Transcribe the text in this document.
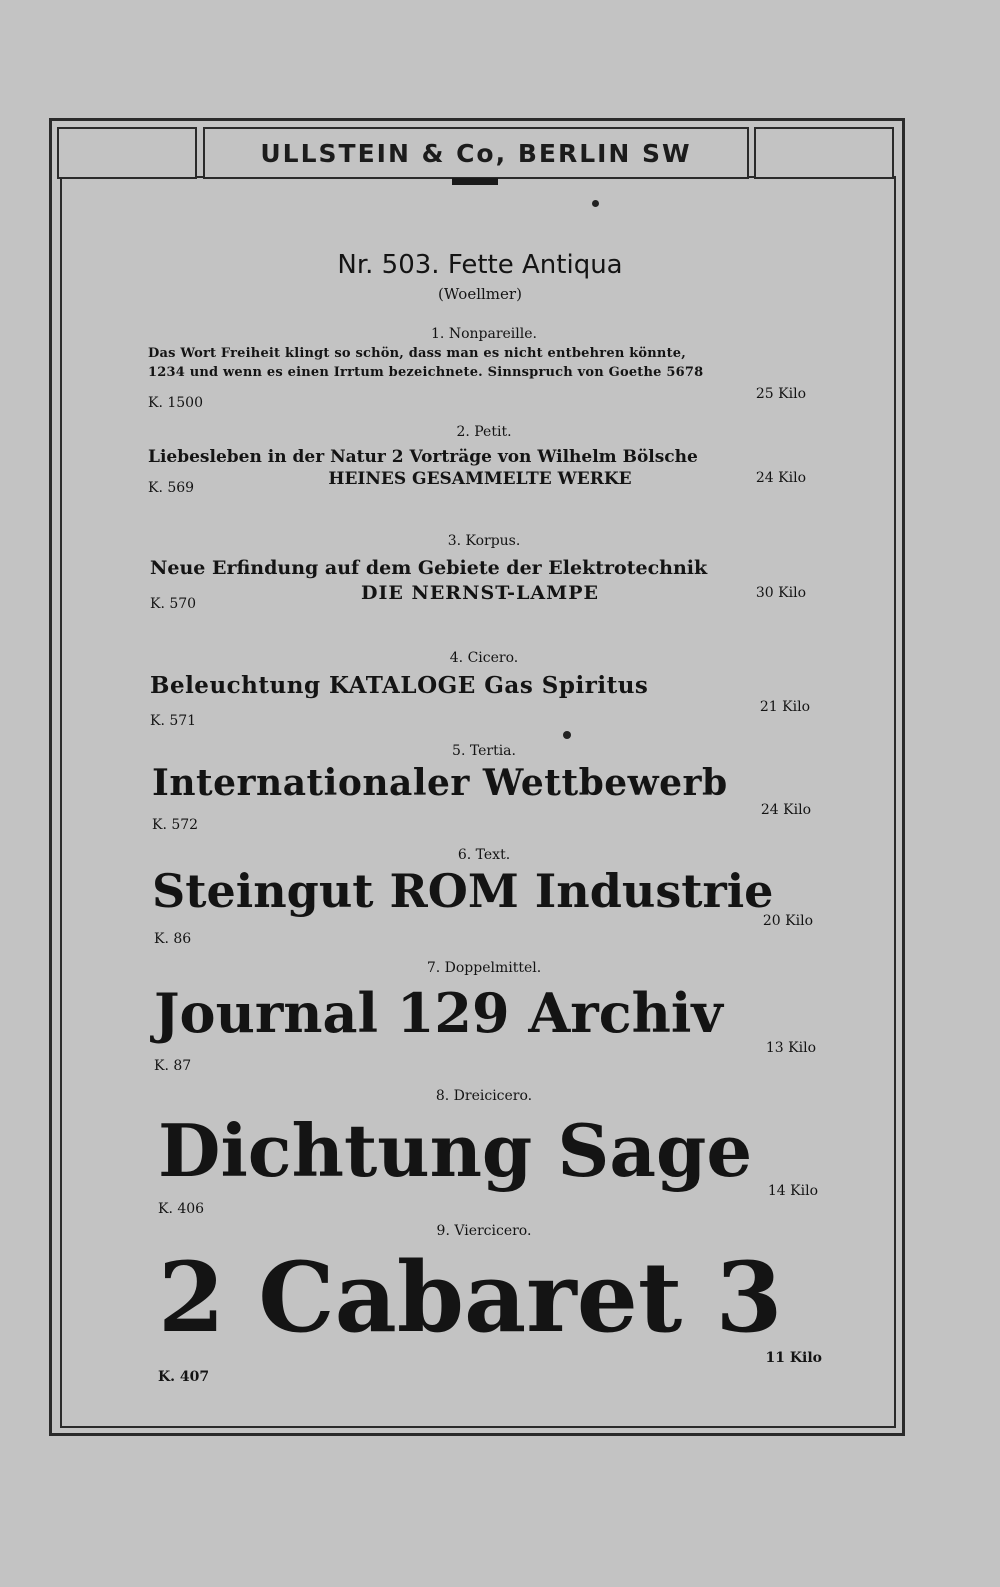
ULLSTEIN & Co, BERLIN SW
Nr. 503. Fette Antiqua
(Woellmer)
1. Nonpareille.
Das Wort Freiheit klingt so schön, dass man es nicht entbehren könnte,
1234 und wenn es einen Irrtum bezeichnete. Sinnspruch von Goethe 5678
K. 1500
25 Kilo
2. Petit.
Liebesleben in der Natur 2 Vorträge von Wilhelm Bölsche
HEINES GESAMMELTE WERKE
K. 569
24 Kilo
3. Korpus.
Neue Erfindung auf dem Gebiete der Elektrotechnik
DIE NERNST-LAMPE
K. 570
30 Kilo
4. Cicero.
Beleuchtung KATALOGE Gas Spiritus
K. 571
21 Kilo
5. Tertia.
Internationaler Wettbewerb
K. 572
24 Kilo
6. Text.
Steingut ROM Industrie
K. 86
20 Kilo
7. Doppelmittel.
Journal 129 Archiv
K. 87
13 Kilo
8. Dreicicero.
Dichtung Sage
K. 406
14 Kilo
9. Viercicero.
2 Cabaret 3
K. 407
11 Kilo
